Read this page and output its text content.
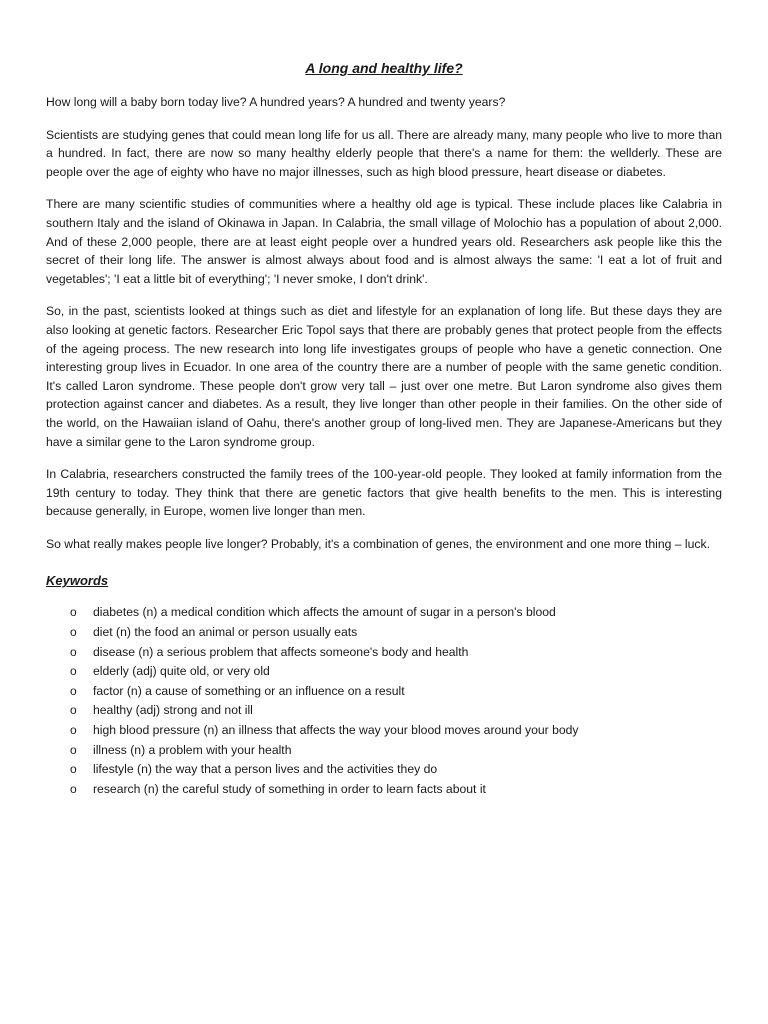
A long and healthy life?

How long will a baby born today live? A hundred years? A hundred and twenty years?

Scientists are studying genes that could mean long life for us all. There are already many, many people who live to more than a hundred. In fact, there are now so many healthy elderly people that there's a name for them: the wellderly. These are people over the age of eighty who have no major illnesses, such as high blood pressure, heart disease or diabetes.

There are many scientific studies of communities where a healthy old age is typical. These include places like Calabria in southern Italy and the island of Okinawa in Japan. In Calabria, the small village of Molochio has a population of about 2,000. And of these 2,000 people, there are at least eight people over a hundred years old. Researchers ask people like this the secret of their long life. The answer is almost always about food and is almost always the same: 'I eat a lot of fruit and vegetables'; 'I eat a little bit of everything'; 'I never smoke, I don't drink'.

So, in the past, scientists looked at things such as diet and lifestyle for an explanation of long life. But these days they are also looking at genetic factors. Researcher Eric Topol says that there are probably genes that protect people from the effects of the ageing process. The new research into long life investigates groups of people who have a genetic connection. One interesting group lives in Ecuador. In one area of the country there are a number of people with the same genetic condition. It's called Laron syndrome. These people don't grow very tall – just over one metre. But Laron syndrome also gives them protection against cancer and diabetes. As a result, they live longer than other people in their families. On the other side of the world, on the Hawaiian island of Oahu, there's another group of long-lived men. They are Japanese-Americans but they have a similar gene to the Laron syndrome group.

In Calabria, researchers constructed the family trees of the 100-year-old people. They looked at family information from the 19th century to today. They think that there are genetic factors that give health benefits to the men. This is interesting because generally, in Europe, women live longer than men.

So what really makes people live longer? Probably, it's a combination of genes, the environment and one more thing – luck.

Keywords
o	diabetes (n) a medical condition which affects the amount of sugar in a person's blood
o	diet (n) the food an animal or person usually eats
o	disease (n) a serious problem that affects someone's body and health
o	elderly (adj) quite old, or very old
o	factor (n) a cause of something or an influence on a result
o	healthy (adj) strong and not ill
o	high blood pressure (n) an illness that affects the way your blood moves around your body
o	illness (n) a problem with your health
o	lifestyle (n) the way that a person lives and the activities they do
o	research (n) the careful study of something in order to learn facts about it
